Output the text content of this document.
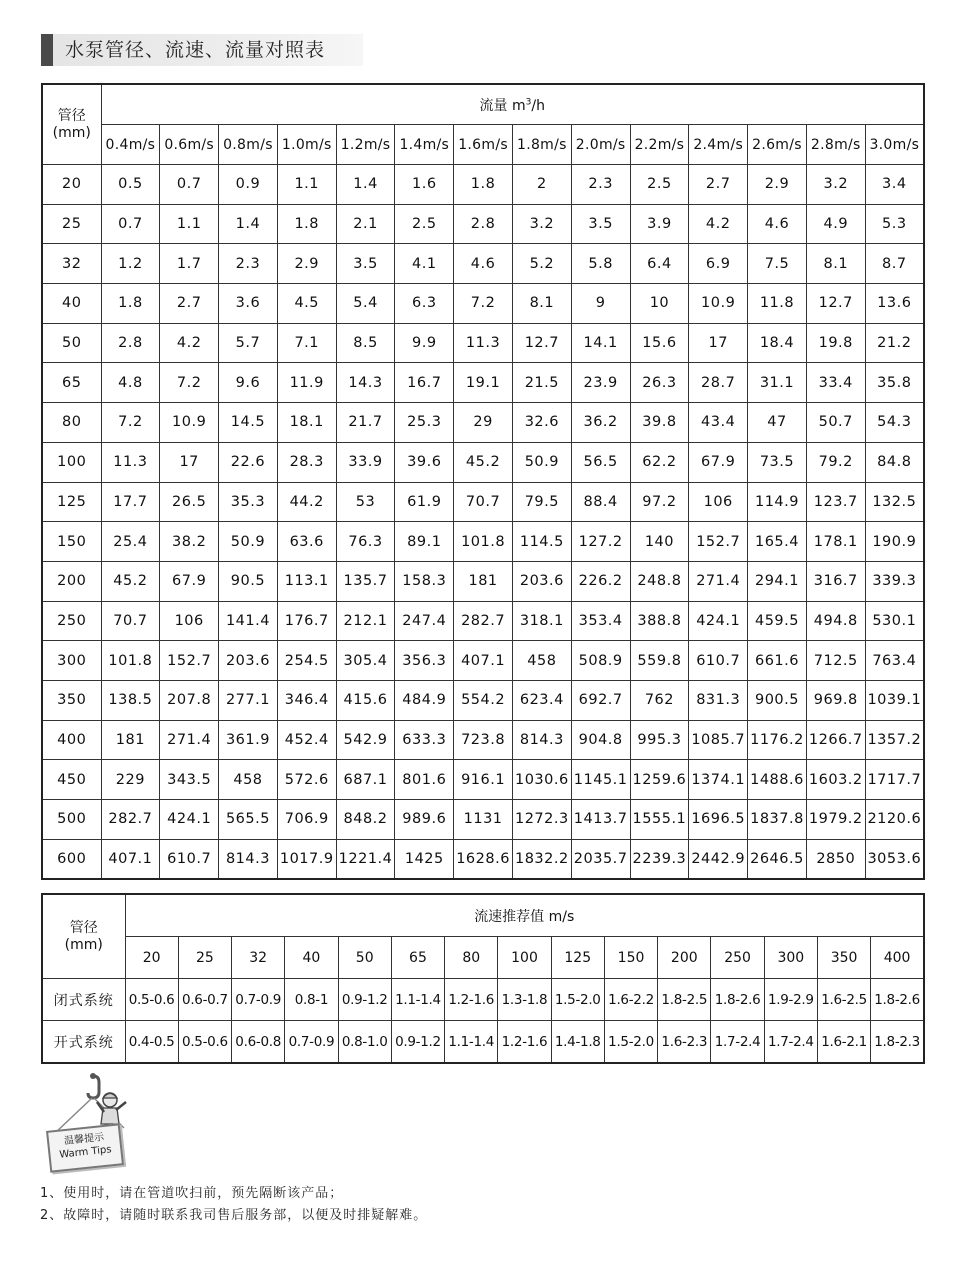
水泵管径、流速、流量对照表
管径
(mm)	流量 $m^3/h$													
	0.4m/s	0.6m/s	0.8m/s	1.0m/s	1.2m/s	1.4m/s	1.6m/s	1.8m/s	2.0m/s	2.2m/s	2.4m/s	2.6m/s	2.8m/s	3.0m/s
20	0.5	0.7	0.9	1.1	1.4	1.6	1.8	2	2.3	2.5	2.7	2.9	3.2	3.4
25	0.7	1.1	1.4	1.8	2.1	2.5	2.8	3.2	3.5	3.9	4.2	4.6	4.9	5.3
32	1.2	1.7	2.3	2.9	3.5	4.1	4.6	5.2	5.8	6.4	6.9	7.5	8.1	8.7
40	1.8	2.7	3.6	4.5	5.4	6.3	7.2	8.1	9	10	10.9	11.8	12.7	13.6
50	2.8	4.2	5.7	7.1	8.5	9.9	11.3	12.7	14.1	15.6	17	18.4	19.8	21.2
65	4.8	7.2	9.6	11.9	14.3	16.7	19.1	21.5	23.9	26.3	28.7	31.1	33.4	35.8
80	7.2	10.9	14.5	18.1	21.7	25.3	29	32.6	36.2	39.8	43.4	47	50.7	54.3
100	11.3	17	22.6	28.3	33.9	39.6	45.2	50.9	56.5	62.2	67.9	73.5	79.2	84.8
125	17.7	26.5	35.3	44.2	53	61.9	70.7	79.5	88.4	97.2	106	114.9	123.7	132.5
150	25.4	38.2	50.9	63.6	76.3	89.1	101.8	114.5	127.2	140	152.7	165.4	178.1	190.9
200	45.2	67.9	90.5	113.1	135.7	158.3	181	203.6	226.2	248.8	271.4	294.1	316.7	339.3
250	70.7	106	141.4	176.7	212.1	247.4	282.7	318.1	353.4	388.8	424.1	459.5	494.8	530.1
300	101.8	152.7	203.6	254.5	305.4	356.3	407.1	458	508.9	559.8	610.7	661.6	712.5	763.4
350	138.5	207.8	277.1	346.4	415.6	484.9	554.2	623.4	692.7	762	831.3	900.5	969.8	1039.1
400	181	271.4	361.9	452.4	542.9	633.3	723.8	814.3	904.8	995.3	1085.7	1176.2	1266.7	1357.2
450	229	343.5	458	572.6	687.1	801.6	916.1	1030.6	1145.1	1259.6	1374.1	1488.6	1603.2	1717.7
500	282.7	424.1	565.5	706.9	848.2	989.6	1131	1272.3	1413.7	1555.1	1696.5	1837.8	1979.2	2120.6
600	407.1	610.7	814.3	1017.9	1221.4	1425	1628.6	1832.2	2035.7	2239.3	2442.9	2646.5	2850	3053.6
管径
(mm)	流速推荐值 m/s														
	20	25	32	40	50	65	80	100	125	150	200	250	300	350	400
闭式系统	0.5-0.6	0.6-0.7	0.7-0.9	0.8-1	0.9-1.2	1.1-1.4	1.2-1.6	1.3-1.8	1.5-2.0	1.6-2.2	1.8-2.5	1.8-2.6	1.9-2.9	1.6-2.5	1.8-2.6
开式系统	0.4-0.5	0.5-0.6	0.6-0.8	0.7-0.9	0.8-1.0	0.9-1.2	1.1-1.4	1.2-1.6	1.4-1.8	1.5-2.0	1.6-2.3	1.7-2.4	1.7-2.4	1.6-2.1	1.8-2.3
温馨提示
Warm Tips
1、使用时，请在管道吹扫前，预先隔断该产品；
2、故障时，请随时联系我司售后服务部，以便及时排疑解难。
